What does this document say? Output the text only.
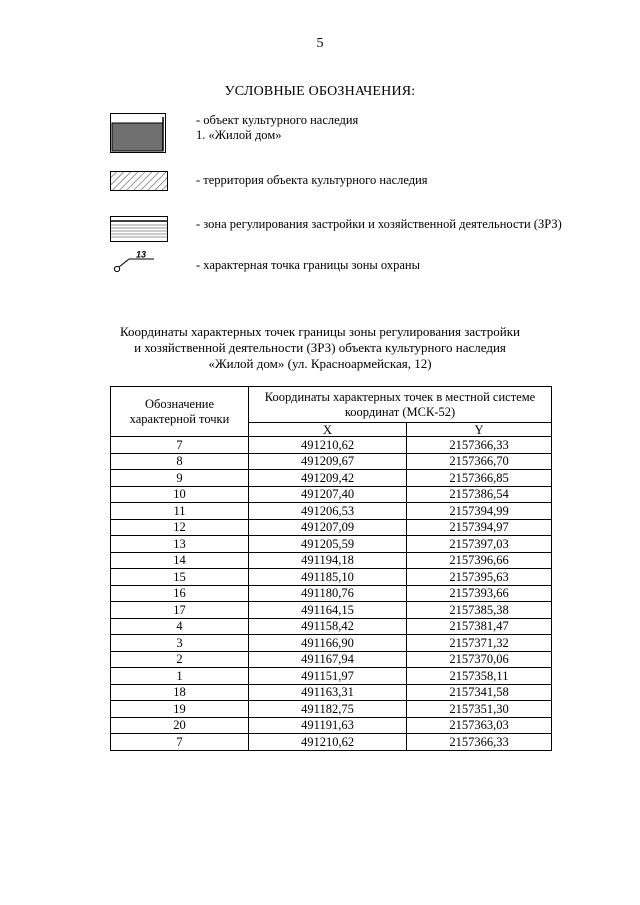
5
УСЛОВНЫЕ ОБОЗНАЧЕНИЯ:
- объект культурного наследия
1. «Жилой дом»
- территория объекта культурного наследия
- зона регулирования застройки и хозяйственной деятельности (ЗРЗ)
13
- характерная точка границы зоны охраны
Координаты характерных точек границы зоны регулирования застройки
и хозяйственной деятельности (ЗРЗ) объекта культурного наследия
«Жилой дом» (ул. Красноармейская, 12)
Обозначение характерной точки	Координаты характерных точек в местной системе координат (МСК-52)	
	X	Y
7	491210,62	2157366,33
8	491209,67	2157366,70
9	491209,42	2157366,85
10	491207,40	2157386,54
11	491206,53	2157394,99
12	491207,09	2157394,97
13	491205,59	2157397,03
14	491194,18	2157396,66
15	491185,10	2157395,63
16	491180,76	2157393,66
17	491164,15	2157385,38
4	491158,42	2157381,47
3	491166,90	2157371,32
2	491167,94	2157370,06
1	491151,97	2157358,11
18	491163,31	2157341,58
19	491182,75	2157351,30
20	491191,63	2157363,03
7	491210,62	2157366,33
